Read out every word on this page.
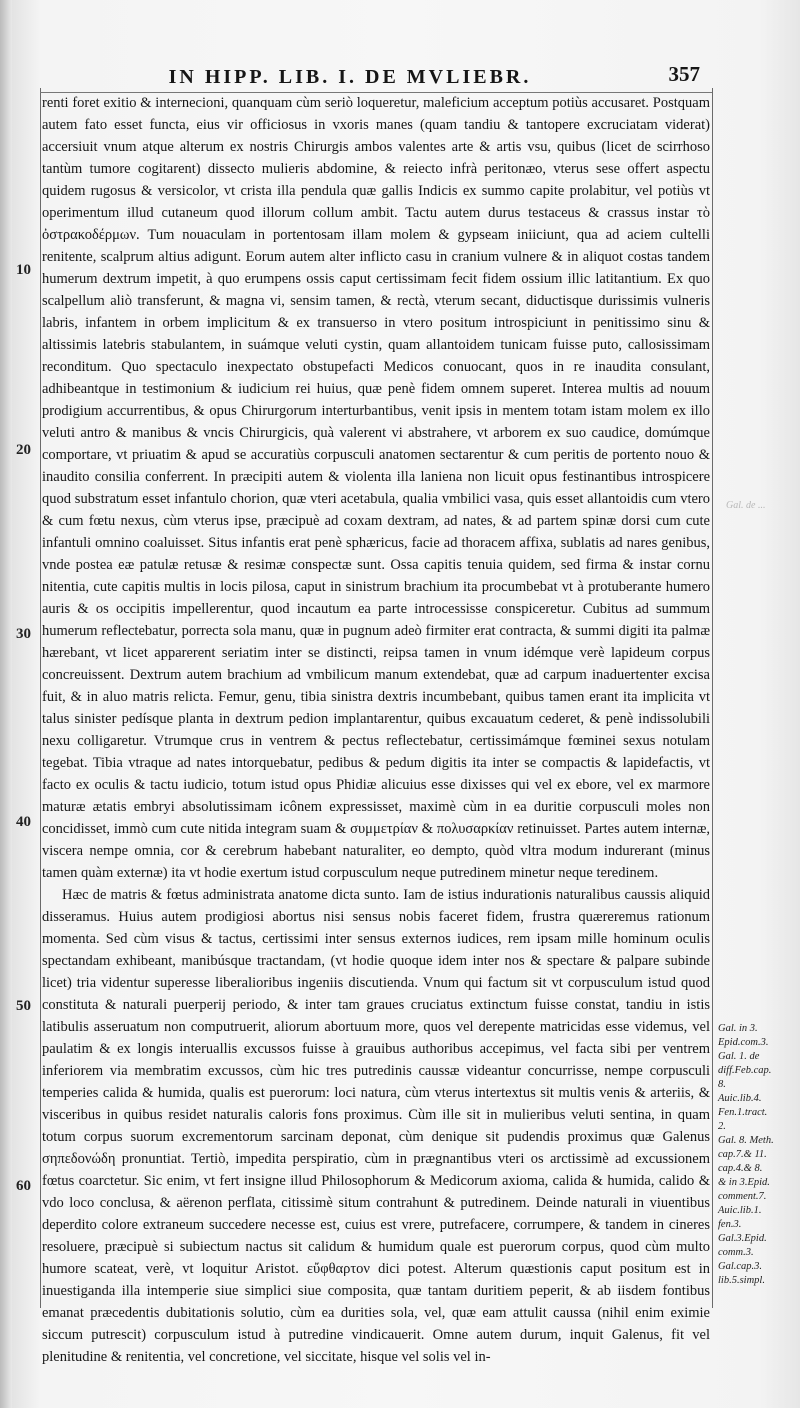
IN HIPP. LIB. I. DE MVLIEBR.	357
10
20
30
40
50
60

renti foret exitio & internecioni, quanquam cùm seriò loqueretur, maleficium acceptum potiùs accusaret. Postquam autem fato esset functa, eius vir officiosus in vxoris manes (quam tandiu & tantopere excruciatam viderat) accersiuit vnum atque alterum ex nostris Chirurgis ambos valentes arte & artis vsu, quibus (licet de scirrhoso tantùm tumore cogitarent) dissecto mulieris abdomine, & reiecto infrà peritonæo, vterus sese offert aspectu quidem rugosus & versicolor, vt crista illa pendula quæ gallis Indicis ex summo capite prolabitur, vel potiùs vt operimentum illud cutaneum quod illorum collum ambit. Tactu autem durus testaceus & crassus instar τὸ ὀστρακοδέρμων. Tum nouaculam in portentosam illam molem & gypseam iniiciunt, qua ad aciem cultelli renitente, scalprum altius adigunt. Eorum autem alter inflicto casu in cranium vulnere & in aliquot costas tandem humerum dextrum impetit, à quo erumpens ossis caput certissimam fecit fidem ossium illic latitantium. Ex quo scalpellum aliò transferunt, & magna vi, sensim tamen, & rectà, vterum secant, diductisque durissimis vulneris labris, infantem in orbem implicitum & ex transuerso in vtero positum introspiciunt in penitissimo sinu & altissimis latebris stabulantem, in suámque veluti cystin, quam allantoidem tunicam fuisse puto, callosissimam reconditum. Quo spectaculo inexpectato obstupefacti Medicos conuocant, quos in re inaudita consulant, adhibeantque in testimonium & iudicium rei huius, quæ penè fidem omnem superet. Interea multis ad nouum prodigium accurrentibus, & opus Chirurgorum interturbantibus, venit ipsis in mentem totam istam molem ex illo veluti antro & manibus & vncis Chirurgicis, quà valerent vi abstrahere, vt arborem ex suo caudice, domúmque comportare, vt priuatim & apud se accuratiùs corpusculi anatomen sectarentur & cum peritis de portento nouo & inaudito consilia conferrent. In præcipiti autem & violenta illa laniena non licuit opus festinantibus introspicere quod substratum esset infantulo chorion, quæ vteri acetabula, qualia vmbilici vasa, quis esset allantoidis cum vtero & cum fœtu nexus, cùm vterus ipse, præcipuè ad coxam dextram, ad nates, & ad partem spinæ dorsi cum cute infantuli omnino coaluisset. Situs infantis erat penè sphæricus, facie ad thoracem affixa, sublatis ad nares genibus, vnde postea eæ patulæ retusæ & resimæ conspectæ sunt. Ossa capitis tenuia quidem, sed firma & instar cornu nitentia, cute capitis multis in locis pilosa, caput in sinistrum brachium ita procumbebat vt à protuberante humero auris & os occipitis impellerentur, quod incautum ea parte introcessisse conspiceretur. Cubitus ad summum humerum reflectebatur, porrecta sola manu, quæ in pugnum adeò firmiter erat contracta, & summi digiti ita palmæ hærebant, vt licet apparerent seriatim inter se distincti, reipsa tamen in vnum idémque verè lapideum corpus concreuissent. Dextrum autem brachium ad vmbilicum manum extendebat, quæ ad carpum inaduertenter excisa fuit, & in aluo matris relicta. Femur, genu, tibia sinistra dextris incumbebant, quibus tamen erant ita implicita vt talus sinister pedísque planta in dextrum pedion implantarentur, quibus excauatum cederet, & penè indissolubili nexu colligaretur. Vtrumque crus in ventrem & pectus reflectebatur, certissimámque fœminei sexus notulam tegebat. Tibia vtraque ad nates intorquebatur, pedibus & pedum digitis ita inter se compactis & lapidefactis, vt facto ex oculis & tactu iudicio, totum istud opus Phidiæ alicuius esse dixisses qui vel ex ebore, vel ex marmore maturæ ætatis embryi absolutissimam icônem expressisset, maximè cùm in ea duritie corpusculi moles non concidisset, immò cum cute nitida integram suam & συμμετρίαν & πολυσαρκίαν retinuisset. Partes autem internæ, viscera nempe omnia, cor & cerebrum habebant naturaliter, eo dempto, quòd vltra modum indurerant (minus tamen quàm externæ) ita vt hodie exertum istud corpusculum neque putredinem minetur neque teredinem.

Hæc de matris & fœtus administrata anatome dicta sunto. Iam de istius indurationis naturalibus caussis aliquid disseramus. Huius autem prodigiosi abortus nisi sensus nobis faceret fidem, frustra quæreremus rationum momenta. Sed cùm visus & tactus, certissimi inter sensus externos iudices, rem ipsam mille hominum oculis spectandam exhibeant, manibúsque tractandam, (vt hodie quoque idem inter nos & spectare & palpare subinde licet) tria videntur superesse liberalioribus ingeniis discutienda. Vnum qui factum sit vt corpusculum istud quod constituta & naturali puerperij periodo, & inter tam graues cruciatus extinctum fuisse constat, tandiu in istis latibulis asseruatum non computruerit, aliorum abortuum more, quos vel derepente matricidas esse videmus, vel paulatim & ex longis interuallis excussos fuisse à grauibus authoribus accepimus, vel facta sibi per ventrem inferiorem via membratim excussos, cùm hic tres putredinis caussæ videantur concurrisse, nempe corpusculi temperies calida & humida, qualis est puerorum: loci natura, cùm vterus intertextus sit multis venis & arteriis, & visceribus in quibus residet naturalis caloris fons proximus. Cùm ille sit in mulieribus veluti sentina, in quam totum corpus suorum excrementorum sarcinam deponat, cùm denique sit pudendis proximus quæ Galenus σηπεδονώδη pronuntiat. Tertiò, impedita perspiratio, cùm in prægnantibus vteri os arctissimè ad excussionem fœtus coarctetur. Sic enim, vt fert insigne illud Philosophorum & Medicorum axioma, calida & humida, calido & vdo loco conclusa, & aërenon perflata, citissimè situm contrahunt & putredinem. Deinde naturali in viuentibus deperdito colore extraneum succedere necesse est, cuius est vrere, putrefacere, corrumpere, & tandem in cineres resoluere, præcipuè si subiectum nactus sit calidum & humidum quale est puerorum corpus, quod cùm multo humore scateat, verè, vt loquitur Aristot. εὔφθαρτον dici potest. Alterum quæstionis caput positum est in inuestiganda illa intemperie siue simplici siue composita, quæ tantam duritiem peperit, & ab iisdem fontibus emanat præcedentis dubitationis solutio, cùm ea durities sola, vel, quæ eam attulit caussa (nihil enim eximie siccum putrescit) corpusculum istud à putredine vindicauerit. Omne autem durum, inquit Galenus, fit vel plenitudine & renitentia, vel concretione, vel siccitate, hisque vel solis vel in-

Gal. de ...
Gal. in 3.
Epid.com.3.
Gal. 1. de
diff.Feb.cap.
8.
Auic.lib.4.
Fen.1.tract.
2.
Gal. 8. Meth.
cap.7.& 11.
cap.4.& 8.
& in 3.Epid.
comment.7.
Auic.lib.1.
fen.3.
Gal.3.Epid.
comm.3.
Gal.cap.3.
lib.5.simpl.
